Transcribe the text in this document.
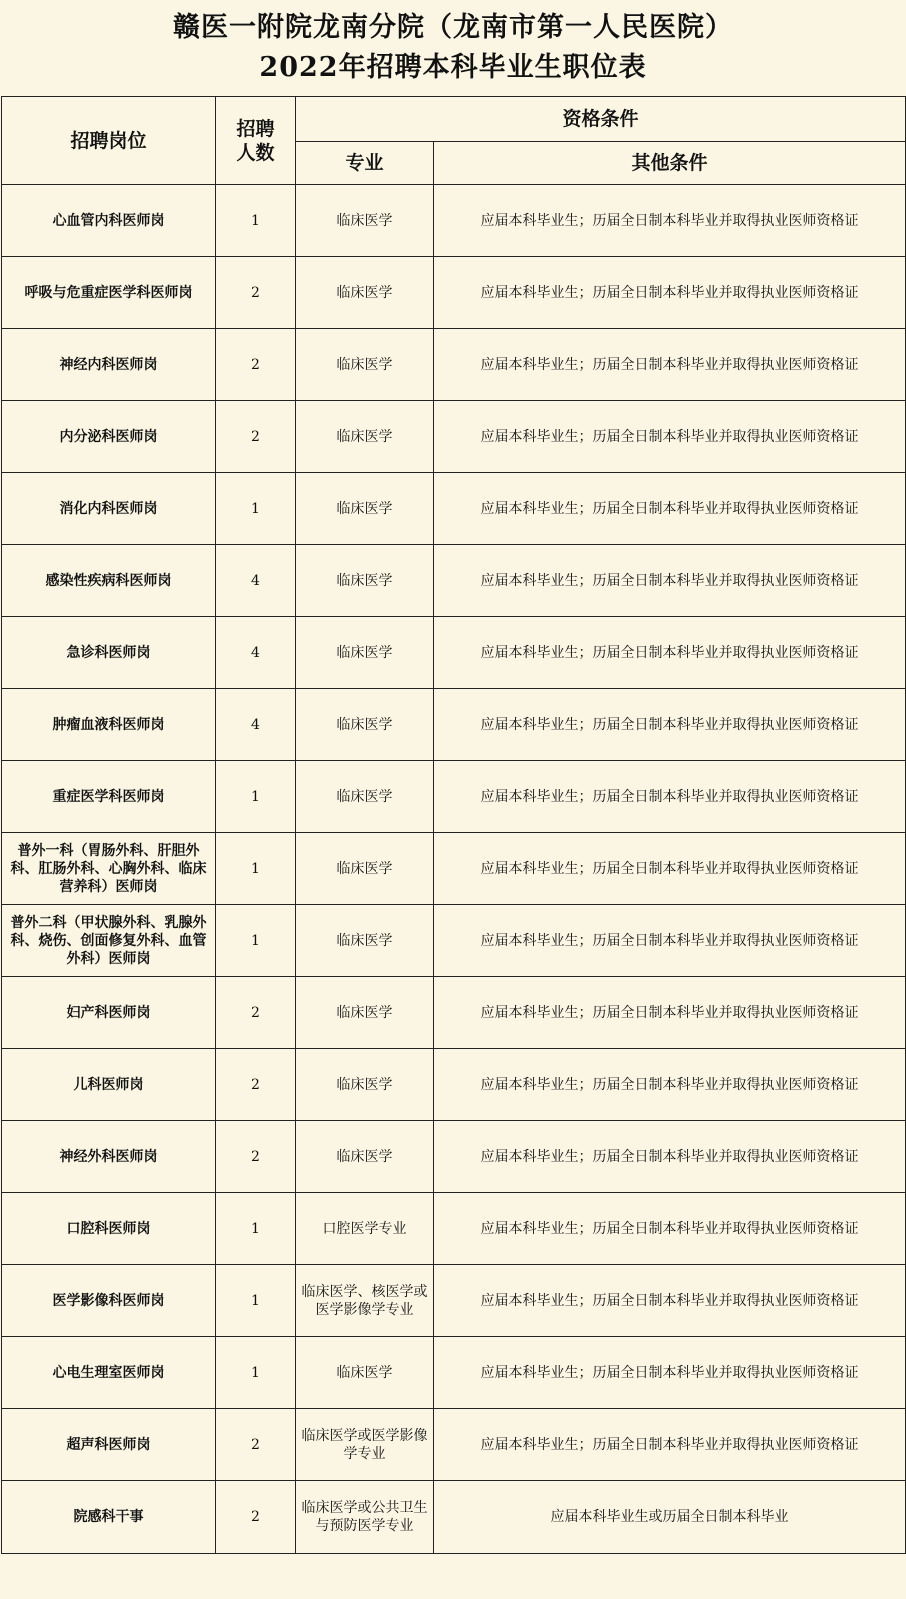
赣医一附院龙南分院（龙南市第一人民医院）
2022年招聘本科毕业生职位表
招聘岗位	招聘人数	资格条件	
		专业	其他条件
心血管内科医师岗	1	临床医学	应届本科毕业生；历届全日制本科毕业并取得执业医师资格证
呼吸与危重症医学科医师岗	2	临床医学	应届本科毕业生；历届全日制本科毕业并取得执业医师资格证
神经内科医师岗	2	临床医学	应届本科毕业生；历届全日制本科毕业并取得执业医师资格证
内分泌科医师岗	2	临床医学	应届本科毕业生；历届全日制本科毕业并取得执业医师资格证
消化内科医师岗	1	临床医学	应届本科毕业生；历届全日制本科毕业并取得执业医师资格证
感染性疾病科医师岗	4	临床医学	应届本科毕业生；历届全日制本科毕业并取得执业医师资格证
急诊科医师岗	4	临床医学	应届本科毕业生；历届全日制本科毕业并取得执业医师资格证
肿瘤血液科医师岗	4	临床医学	应届本科毕业生；历届全日制本科毕业并取得执业医师资格证
重症医学科医师岗	1	临床医学	应届本科毕业生；历届全日制本科毕业并取得执业医师资格证
普外一科（胃肠外科、肝胆外科、肛肠外科、心胸外科、临床营养科）医师岗	1	临床医学	应届本科毕业生；历届全日制本科毕业并取得执业医师资格证
普外二科（甲状腺外科、乳腺外科、烧伤、创面修复外科、血管外科）医师岗	1	临床医学	应届本科毕业生；历届全日制本科毕业并取得执业医师资格证
妇产科医师岗	2	临床医学	应届本科毕业生；历届全日制本科毕业并取得执业医师资格证
儿科医师岗	2	临床医学	应届本科毕业生；历届全日制本科毕业并取得执业医师资格证
神经外科医师岗	2	临床医学	应届本科毕业生；历届全日制本科毕业并取得执业医师资格证
口腔科医师岗	1	口腔医学专业	应届本科毕业生；历届全日制本科毕业并取得执业医师资格证
医学影像科医师岗	1	临床医学、核医学或医学影像学专业	应届本科毕业生；历届全日制本科毕业并取得执业医师资格证
心电生理室医师岗	1	临床医学	应届本科毕业生；历届全日制本科毕业并取得执业医师资格证
超声科医师岗	2	临床医学或医学影像学专业	应届本科毕业生；历届全日制本科毕业并取得执业医师资格证
院感科干事	2	临床医学或公共卫生与预防医学专业	应届本科毕业生或历届全日制本科毕业
